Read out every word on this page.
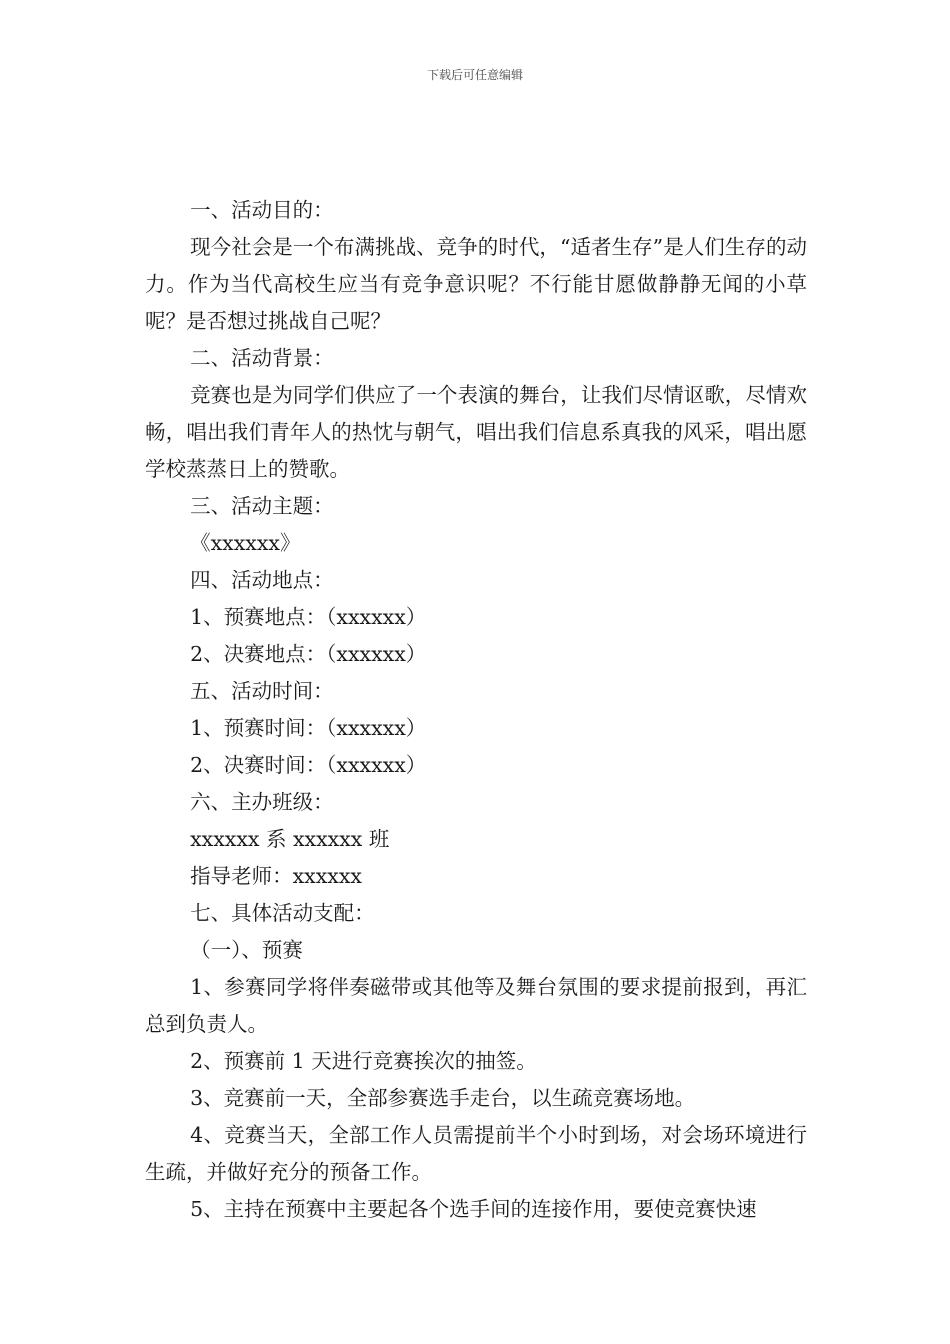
下载后可任意编辑

一、活动目的：

现今社会是一个布满挑战、竞争的时代，“适者生存”是人们生存的动力。作为当代高校生应当有竞争意识呢？不行能甘愿做静静无闻的小草呢？是否想过挑战自己呢？

二、活动背景：

竞赛也是为同学们供应了一个表演的舞台，让我们尽情讴歌，尽情欢畅，唱出我们青年人的热忱与朝气，唱出我们信息系真我的风采，唱出愿学校蒸蒸日上的赞歌。

三、活动主题：

《xxxxxx》

四、活动地点：

1、预赛地点：（xxxxxx）

2、决赛地点：（xxxxxx）

五、活动时间：

1、预赛时间：（xxxxxx）

2、决赛时间：（xxxxxx）

六、主办班级：

xxxxxx 系 xxxxxx 班

指导老师：xxxxxx

七、具体活动支配：

（一）、预赛

1、参赛同学将伴奏磁带或其他等及舞台氛围的要求提前报到，再汇总到负责人。

2、预赛前 1 天进行竞赛挨次的抽签。

3、竞赛前一天，全部参赛选手走台，以生疏竞赛场地。

4、竞赛当天，全部工作人员需提前半个小时到场，对会场环境进行生疏，并做好充分的预备工作。

5、主持在预赛中主要起各个选手间的连接作用，要使竞赛快速
